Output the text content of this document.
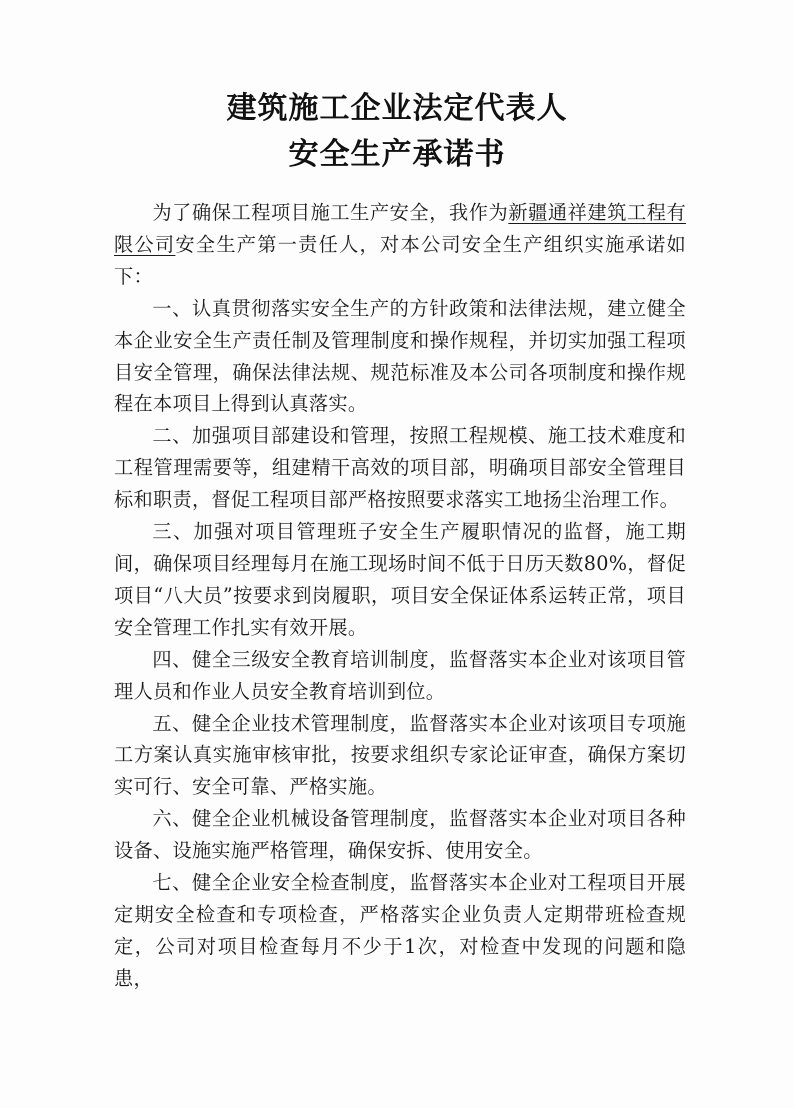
建筑施工企业法定代表人
安全生产承诺书

为了确保工程项目施工生产安全，我作为新疆通祥建筑工程有限公司安全生产第一责任人，对本公司安全生产组织实施承诺如下：

一、认真贯彻落实安全生产的方针政策和法律法规，建立健全本企业安全生产责任制及管理制度和操作规程，并切实加强工程项目安全管理，确保法律法规、规范标准及本公司各项制度和操作规程在本项目上得到认真落实。

二、加强项目部建设和管理，按照工程规模、施工技术难度和工程管理需要等，组建精干高效的项目部，明确项目部安全管理目标和职责，督促工程项目部严格按照要求落实工地扬尘治理工作。

三、加强对项目管理班子安全生产履职情况的监督，施工期间，确保项目经理每月在施工现场时间不低于日历天数80%，督促项目“八大员”按要求到岗履职，项目安全保证体系运转正常，项目安全管理工作扎实有效开展。

四、健全三级安全教育培训制度，监督落实本企业对该项目管理人员和作业人员安全教育培训到位。

五、健全企业技术管理制度，监督落实本企业对该项目专项施工方案认真实施审核审批，按要求组织专家论证审查，确保方案切实可行、安全可靠、严格实施。

六、健全企业机械设备管理制度，监督落实本企业对项目各种设备、设施实施严格管理，确保安拆、使用安全。

七、健全企业安全检查制度，监督落实本企业对工程项目开展定期安全检查和专项检查，严格落实企业负责人定期带班检查规定，公司对项目检查每月不少于1次，对检查中发现的问题和隐患，
